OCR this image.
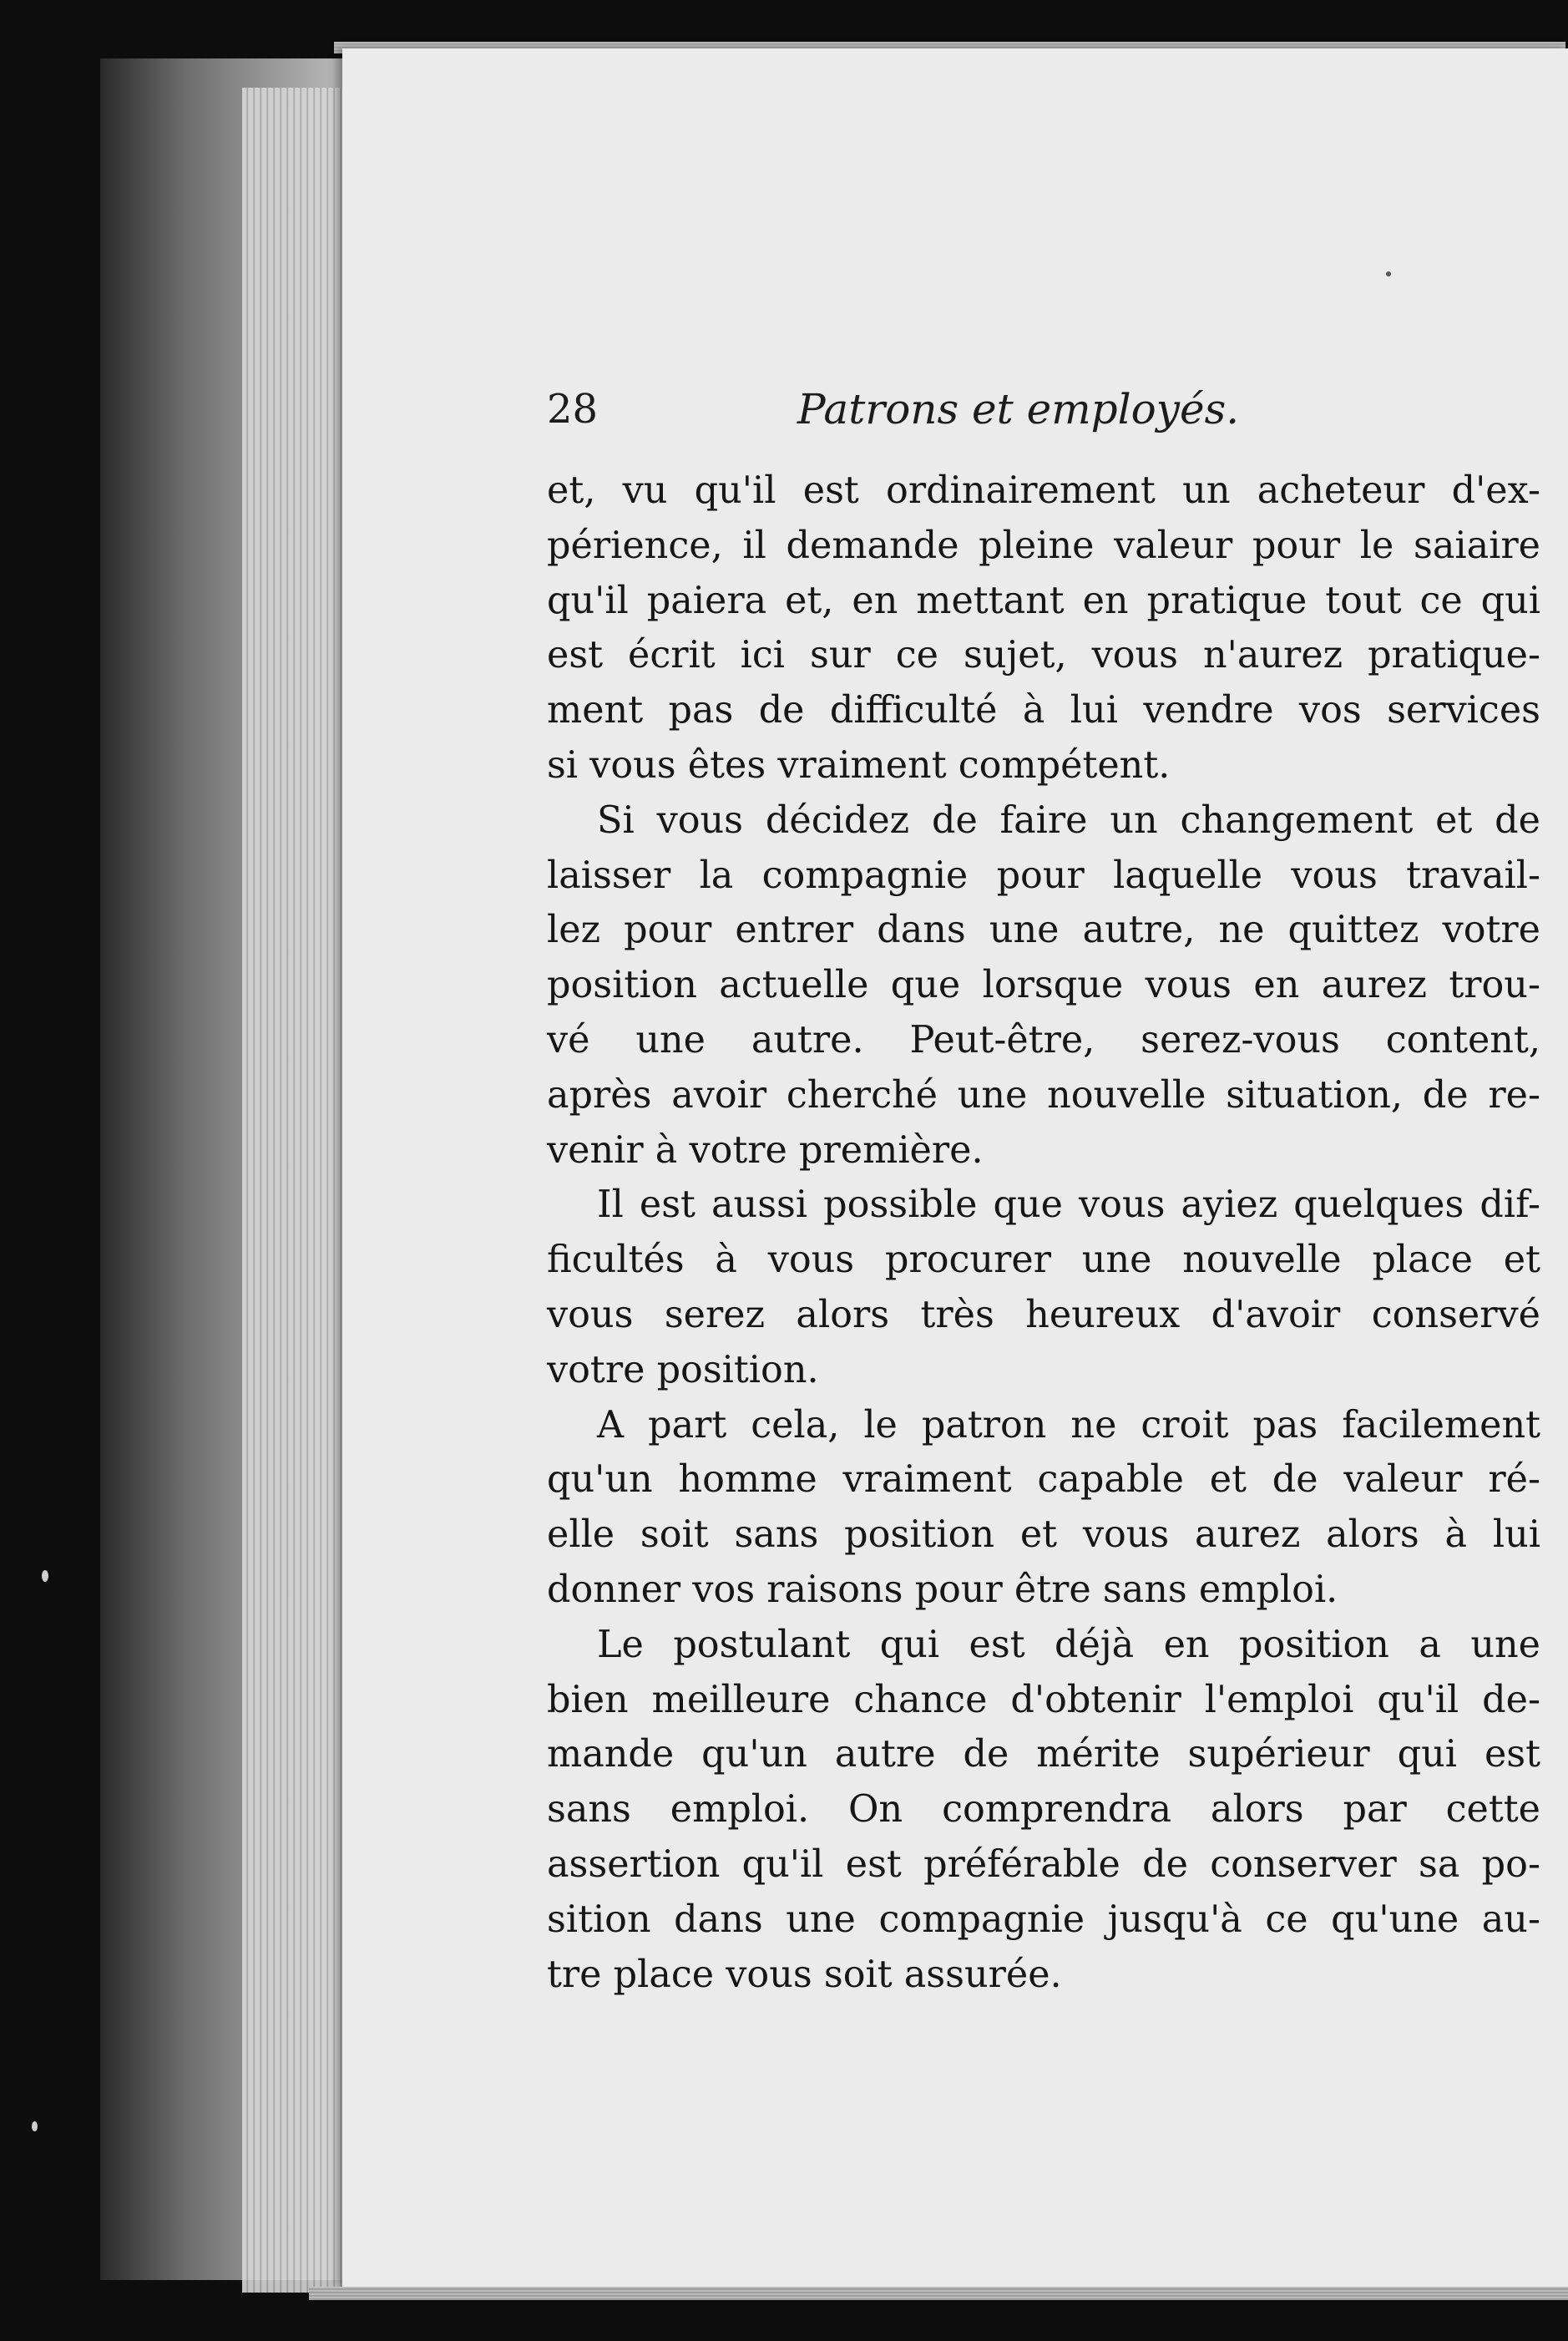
28	Patrons et employés.
et, vu qu'il est ordinairement un acheteur d'ex-
périence, il demande pleine valeur pour le saiaire
qu'il paiera et, en mettant en pratique tout ce qui
est écrit ici sur ce sujet, vous n'aurez pratique-
ment pas de difficulté à lui vendre vos services
si vous êtes vraiment compétent.
Si vous décidez de faire un changement et de
laisser la compagnie pour laquelle vous travail-
lez pour entrer dans une autre, ne quittez votre
position actuelle que lorsque vous en aurez trou-
vé une autre. Peut-être, serez-vous content,
après avoir cherché une nouvelle situation, de re-
venir à votre première.
Il est aussi possible que vous ayiez quelques dif-
ficultés à vous procurer une nouvelle place et
vous serez alors très heureux d'avoir conservé
votre position.
A part cela, le patron ne croit pas facilement
qu'un homme vraiment capable et de valeur ré-
elle soit sans position et vous aurez alors à lui
donner vos raisons pour être sans emploi.
Le postulant qui est déjà en position a une
bien meilleure chance d'obtenir l'emploi qu'il de-
mande qu'un autre de mérite supérieur qui est
sans emploi. On comprendra alors par cette
assertion qu'il est préférable de conserver sa po-
sition dans une compagnie jusqu'à ce qu'une au-
tre place vous soit assurée.
